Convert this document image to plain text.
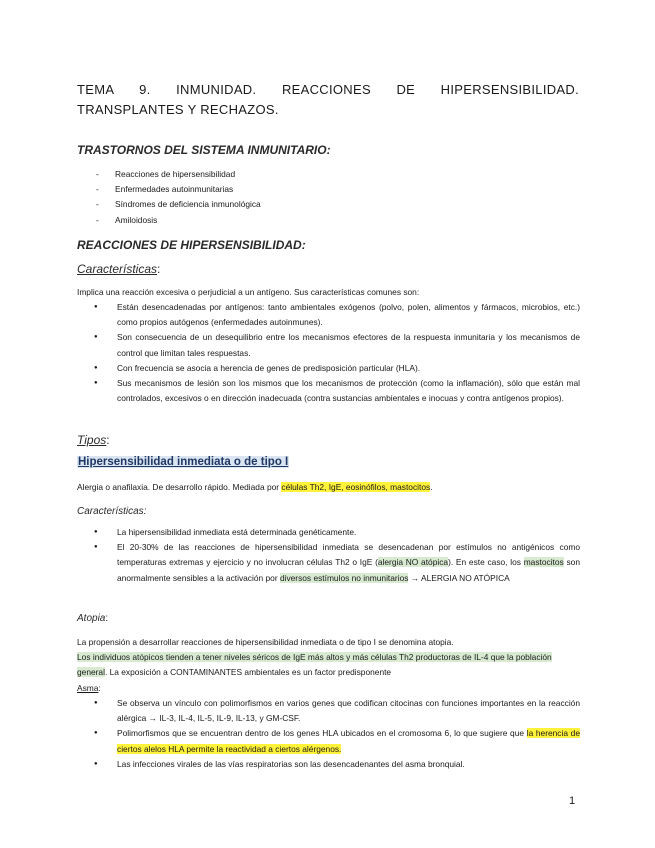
TEMA 9. INMUNIDAD. REACCIONES DE HIPERSENSIBILIDAD. TRANSPLANTES Y RECHAZOS.
TRASTORNOS DEL SISTEMA INMUNITARIO:
-	Reacciones de hipersensibilidad
-	Enfermedades autoinmunitarias
-	Síndromes de deficiencia inmunológica
-	Amiloidosis
REACCIONES DE HIPERSENSIBILIDAD:
Características:
Implica una reacción excesiva o perjudicial a un antígeno. Sus características comunes son:
● Están desencadenadas por antígenos: tanto ambientales exógenos (polvo, polen, alimentos y fármacos, microbios, etc.) como propios autógenos (enfermedades autoinmunes).
● Son consecuencia de un desequilibrio entre los mecanismos efectores de la respuesta inmunitaria y los mecanismos de control que limitan tales respuestas.
● Con frecuencia se asocia a herencia de genes de predisposición particular (HLA).
● Sus mecanismos de lesión son los mismos que los mecanismos de protección (como la inflamación), sólo que están mal controlados, excesivos o en dirección inadecuada (contra sustancias ambientales e inocuas y contra antígenos propios).
Tipos:
Hipersensibilidad inmediata o de tipo I
Alergia o anafilaxia. De desarrollo rápido. Mediada por células Th2, IgE, eosinófilos, mastocitos.
Características:
● La hipersensibilidad inmediata está determinada genéticamente.
● El 20-30% de las reacciones de hipersensibilidad inmediata se desencadenan por estímulos no antigénicos como temperaturas extremas y ejercicio y no involucran células Th2 o IgE (alergia NO atópica). En este caso, los mastocitos son anormalmente sensibles a la activación por diversos estímulos no inmunitarios → ALERGIA NO ATÓPICA
Atopia:
La propensión a desarrollar reacciones de hipersensibilidad inmediata o de tipo I se denomina atopia.
Los individuos atópicos tienden a tener niveles séricos de IgE más altos y más células Th2 productoras de IL-4 que la población general. La exposición a CONTAMINANTES ambientales es un factor predisponente
Asma:
● Se observa un vínculo con polimorfismos en varios genes que codifican citocinas con funciones importantes en la reacción alérgica → IL-3, IL-4, IL-5, IL-9, IL-13, y GM-CSF.
● Polimorfismos que se encuentran dentro de los genes HLA ubicados en el cromosoma 6, lo que sugiere que la herencia de ciertos alelos HLA permite la reactividad a ciertos alérgenos.
● Las infecciones virales de las vías respiratorias son las desencadenantes del asma bronquial.
1
